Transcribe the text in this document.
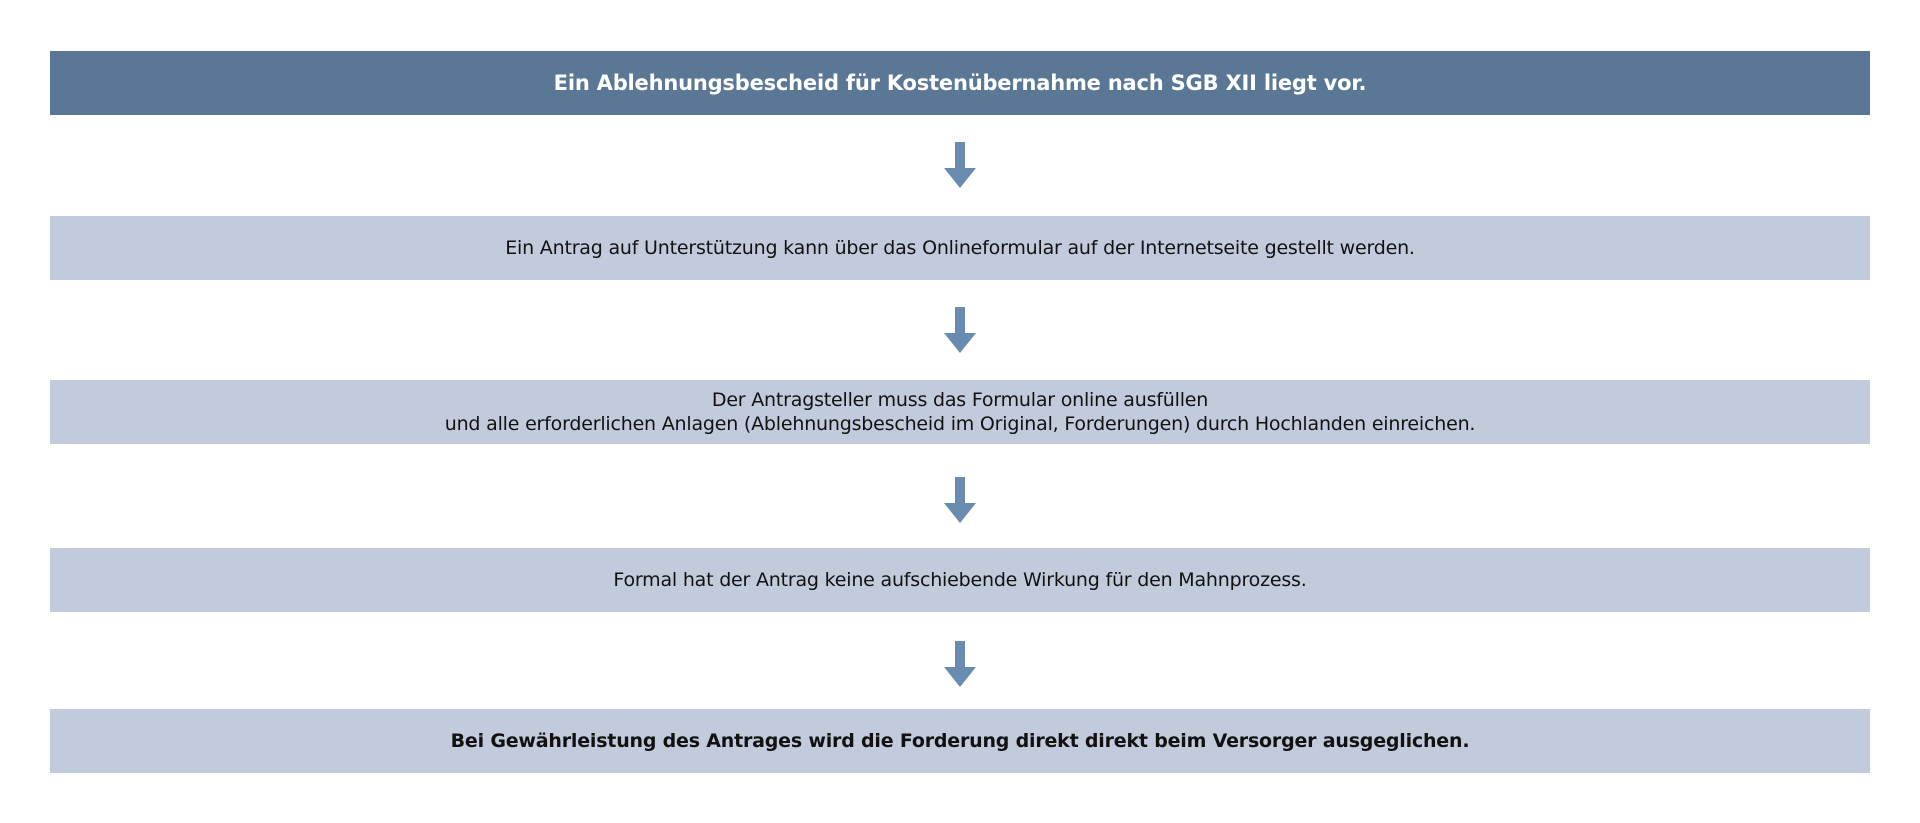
Ein Ablehnungsbescheid für Kostenübernahme nach SGB XII liegt vor.
Ein Antrag auf Unterstützung kann über das Onlineformular auf der Internetseite gestellt werden.
Der Antragsteller muss das Formular online ausfüllen
und alle erforderlichen Anlagen (Ablehnungsbescheid im Original, Forderungen) durch Hochlanden einreichen.
Formal hat der Antrag keine aufschiebende Wirkung für den Mahnprozess.
Bei Gewährleistung des Antrages wird die Forderung direkt direkt beim Versorger ausgeglichen.
